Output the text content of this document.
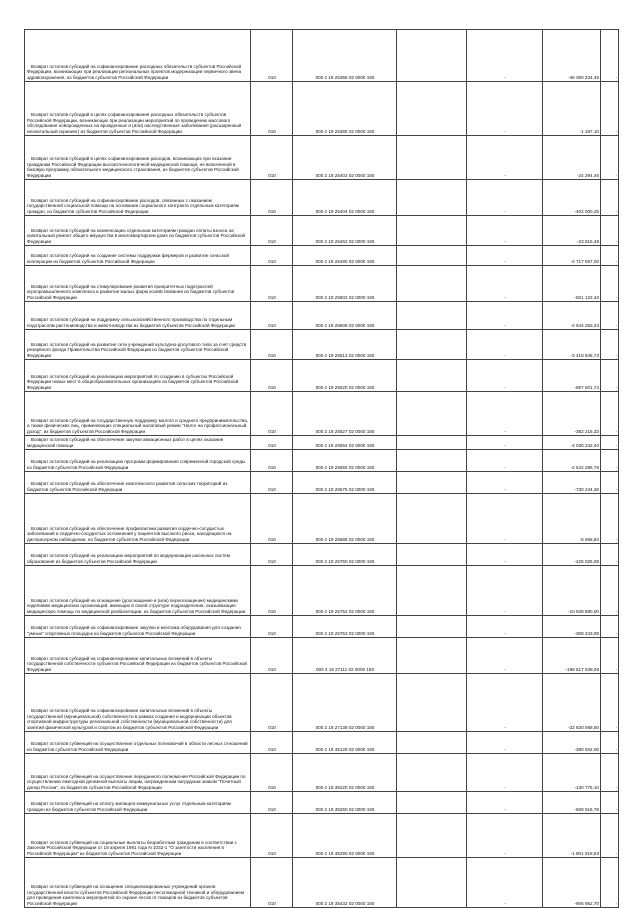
Возврат остатков субсидий на софинансирование расходных обязательств субъектов Российской Федерации, возникающих при реализации региональных проектов модернизации первичного звена здравоохранения, из бюджетов субъектов Российской Федерации	010	000 2 19 25365 02 0000 150		-	-48 360 334,49	-
Возврат остатков субсидий в целях софинансирования расходных обязательств субъектов Российской Федерации, возникающих при реализации мероприятий по проведению массового обследования новорожденных на врожденные и (или) наследственные заболевания (расширенный неонатальный скрининг) из бюджетов субъектов Российской Федерации	010	000 2 19 25385 02 0000 150		-	-1 187,10	-
Возврат остатков субсидий в целях софинансирования расходов, возникающих при оказании гражданам Российской Федерации высокотехнологичной медицинской помощи, не включенной в базовую программу обязательного медицинского страхования, из бюджетов субъектов Российской Федерации	010	000 2 19 25402 02 0000 150		-	-24 294,46	-
Возврат остатков субсидий на софинансирование расходов, связанных с оказанием государственной социальной помощи на основании социального контракта отдельным категориям граждан, из бюджетов субъектов Российской Федерации	010	000 2 19 25404 02 0000 150		-	-402 000,25	-
Возврат остатков субсидий на компенсацию отдельным категориям граждан оплаты взноса на капитальный ремонт общего имущества в многоквартирном доме из бюджетов субъектов Российской Федерации	010	000 2 19 25462 02 0000 150		-	-23 815,48	-
Возврат остатков субсидий на создание системы поддержки фермеров и развитие сельской кооперации из бюджетов субъектов Российской Федерации	010	000 2 19 25480 02 0000 150		-	-2 717 937,00	-
Возврат остатков субсидий на стимулирование развития приоритетных подотраслей агропромышленного комплекса и развитие малых форм хозяйствования из бюджетов субъектов Российской Федерации	010	000 2 19 25502 02 0000 150		-	-501 122,43	-
Возврат остатков субсидий на поддержку сельскохозяйственного производства по отдельным подотраслям растениеводства и животноводства из бюджетов субъектов Российской Федерации	010	000 2 19 25508 02 0000 150		-	-2 944 283,43	-
Возврат остатков субсидий на развитие сети учреждений культурно-досугового типа за счет средств резервного фонда Правительства Российской Федерации из бюджетов субъектов Российской Федерации	010	000 2 19 25513 02 0000 150		-	-3 418 846,73	-
Возврат остатков субсидий на реализацию мероприятий по созданию в субъектах Российской Федерации новых мест в общеобразовательных организациях из бюджетов субъектов Российской Федерации	010	000 2 19 25520 02 0000 150		-	-897 501,74	-
Возврат остатков субсидий на государственную поддержку малого и среднего предпринимательства, а также физических лиц, применяющих специальный налоговый режим "Налог на профессиональный доход", из бюджетов субъектов Российской Федерации	010	000 2 19 25527 02 0000 150		-	-382 216,33	-
Возврат остатков субсидий на обеспечение закупки авиационных работ в целях оказания медицинской помощи	010	000 2 19 25554 02 0000 150		-	-4 030 242,40	-
Возврат остатков субсидий на реализацию программ формирования современной городской среды из бюджетов субъектов Российской Федерации	010	000 2 19 25555 02 0000 150		-	-2 542 286,76	-
Возврат остатков субсидий на обеспечение комплексного развития сельских территорий из бюджетов субъектов Российской Федерации	010	000 2 19 25576 02 0000 150		-	-730 244,38	-
Возврат остатков субсидий на обеспечение профилактики развития сердечно-сосудистых заболеваний и сердечно-сосудистых осложнений у пациентов высокого риска, находящихся на диспансерном наблюдении, из бюджетов субъектов Российской Федерации	010	000 2 19 25586 02 0000 150		-	-6 668,84	-
Возврат остатков субсидий на реализацию мероприятий по модернизации школьных систем образования из бюджетов субъектов Российской Федерации	010	000 2 19 25750 02 0000 150		-	-425 025,08	-
Возврат остатков субсидий на оснащение (дооснащение и (или) переоснащение) медицинскими изделиями медицинских организаций, имеющих в своей структуре подразделения, оказывающие медицинскую помощь по медицинской реабилитации, из бюджетов субъектов Российской Федерации	010	000 2 19 25752 02 0000 150		-	-10 928 980,00	-
Возврат остатков субсидий на софинансирование закупки и монтажа оборудования для создания "умных" спортивных площадок из бюджетов субъектов Российской Федерации	010	000 2 19 25753 02 0000 150		-	-308 243,08	-
Возврат остатков субсидий на софинансирование капитальных вложений в объекты государственной собственности субъектов Российской Федерации из бюджетов субъектов Российской Федерации	010	000 2 19 27111 02 0000 150		-	-196 517 539,06	-
Возврат остатков субсидий на софинансирование капитальных вложений в объекты государственной (муниципальной) собственности в рамках создания и модернизации объектов спортивной инфраструктуры региональной собственности (муниципальной собственности) для занятий физической культурой и спортом из бюджетов субъектов Российской Федерации	010	000 2 19 27139 02 0000 150		-	-22 830 068,50	-
Возврат остатков субвенций на осуществление отдельных полномочий в области лесных отношений из бюджетов субъектов Российской Федерации	010	000 2 19 35129 02 0000 150		-	-380 942,06	-
Возврат остатков субвенций на осуществление переданного полномочия Российской Федерации по осуществлению ежегодной денежной выплаты лицам, награжденным нагрудным знаком "Почетный донор России", из бюджетов субъектов Российской Федерации	010	000 2 19 35220 02 0000 150		-	-130 776,10	-
Возврат остатков субвенций на оплату жилищно-коммунальных услуг отдельным категориям граждан из бюджетов субъектов Российской Федерации	010	000 2 19 35250 02 0000 150		-	-608 916,78	-
Возврат остатков субвенций на социальные выплаты безработным гражданам в соответствии с Законом Российской Федерации от 19 апреля 1991 года N 1032-1 "О занятости населения в Российской Федерации" из бюджетов субъектов Российской Федерации	010	000 2 19 35290 02 0000 150		-	-1 801 818,53	-
Возврат остатков субвенций на оснащение специализированных учреждений органов государственной власти субъектов Российской Федерации лесопожарной техникой и оборудованием для проведения комплекса мероприятий по охране лесов от пожаров из бюджетов субъектов Российской Федерации	010	000 2 19 35432 02 0000 150		-	-906 952,70	-
